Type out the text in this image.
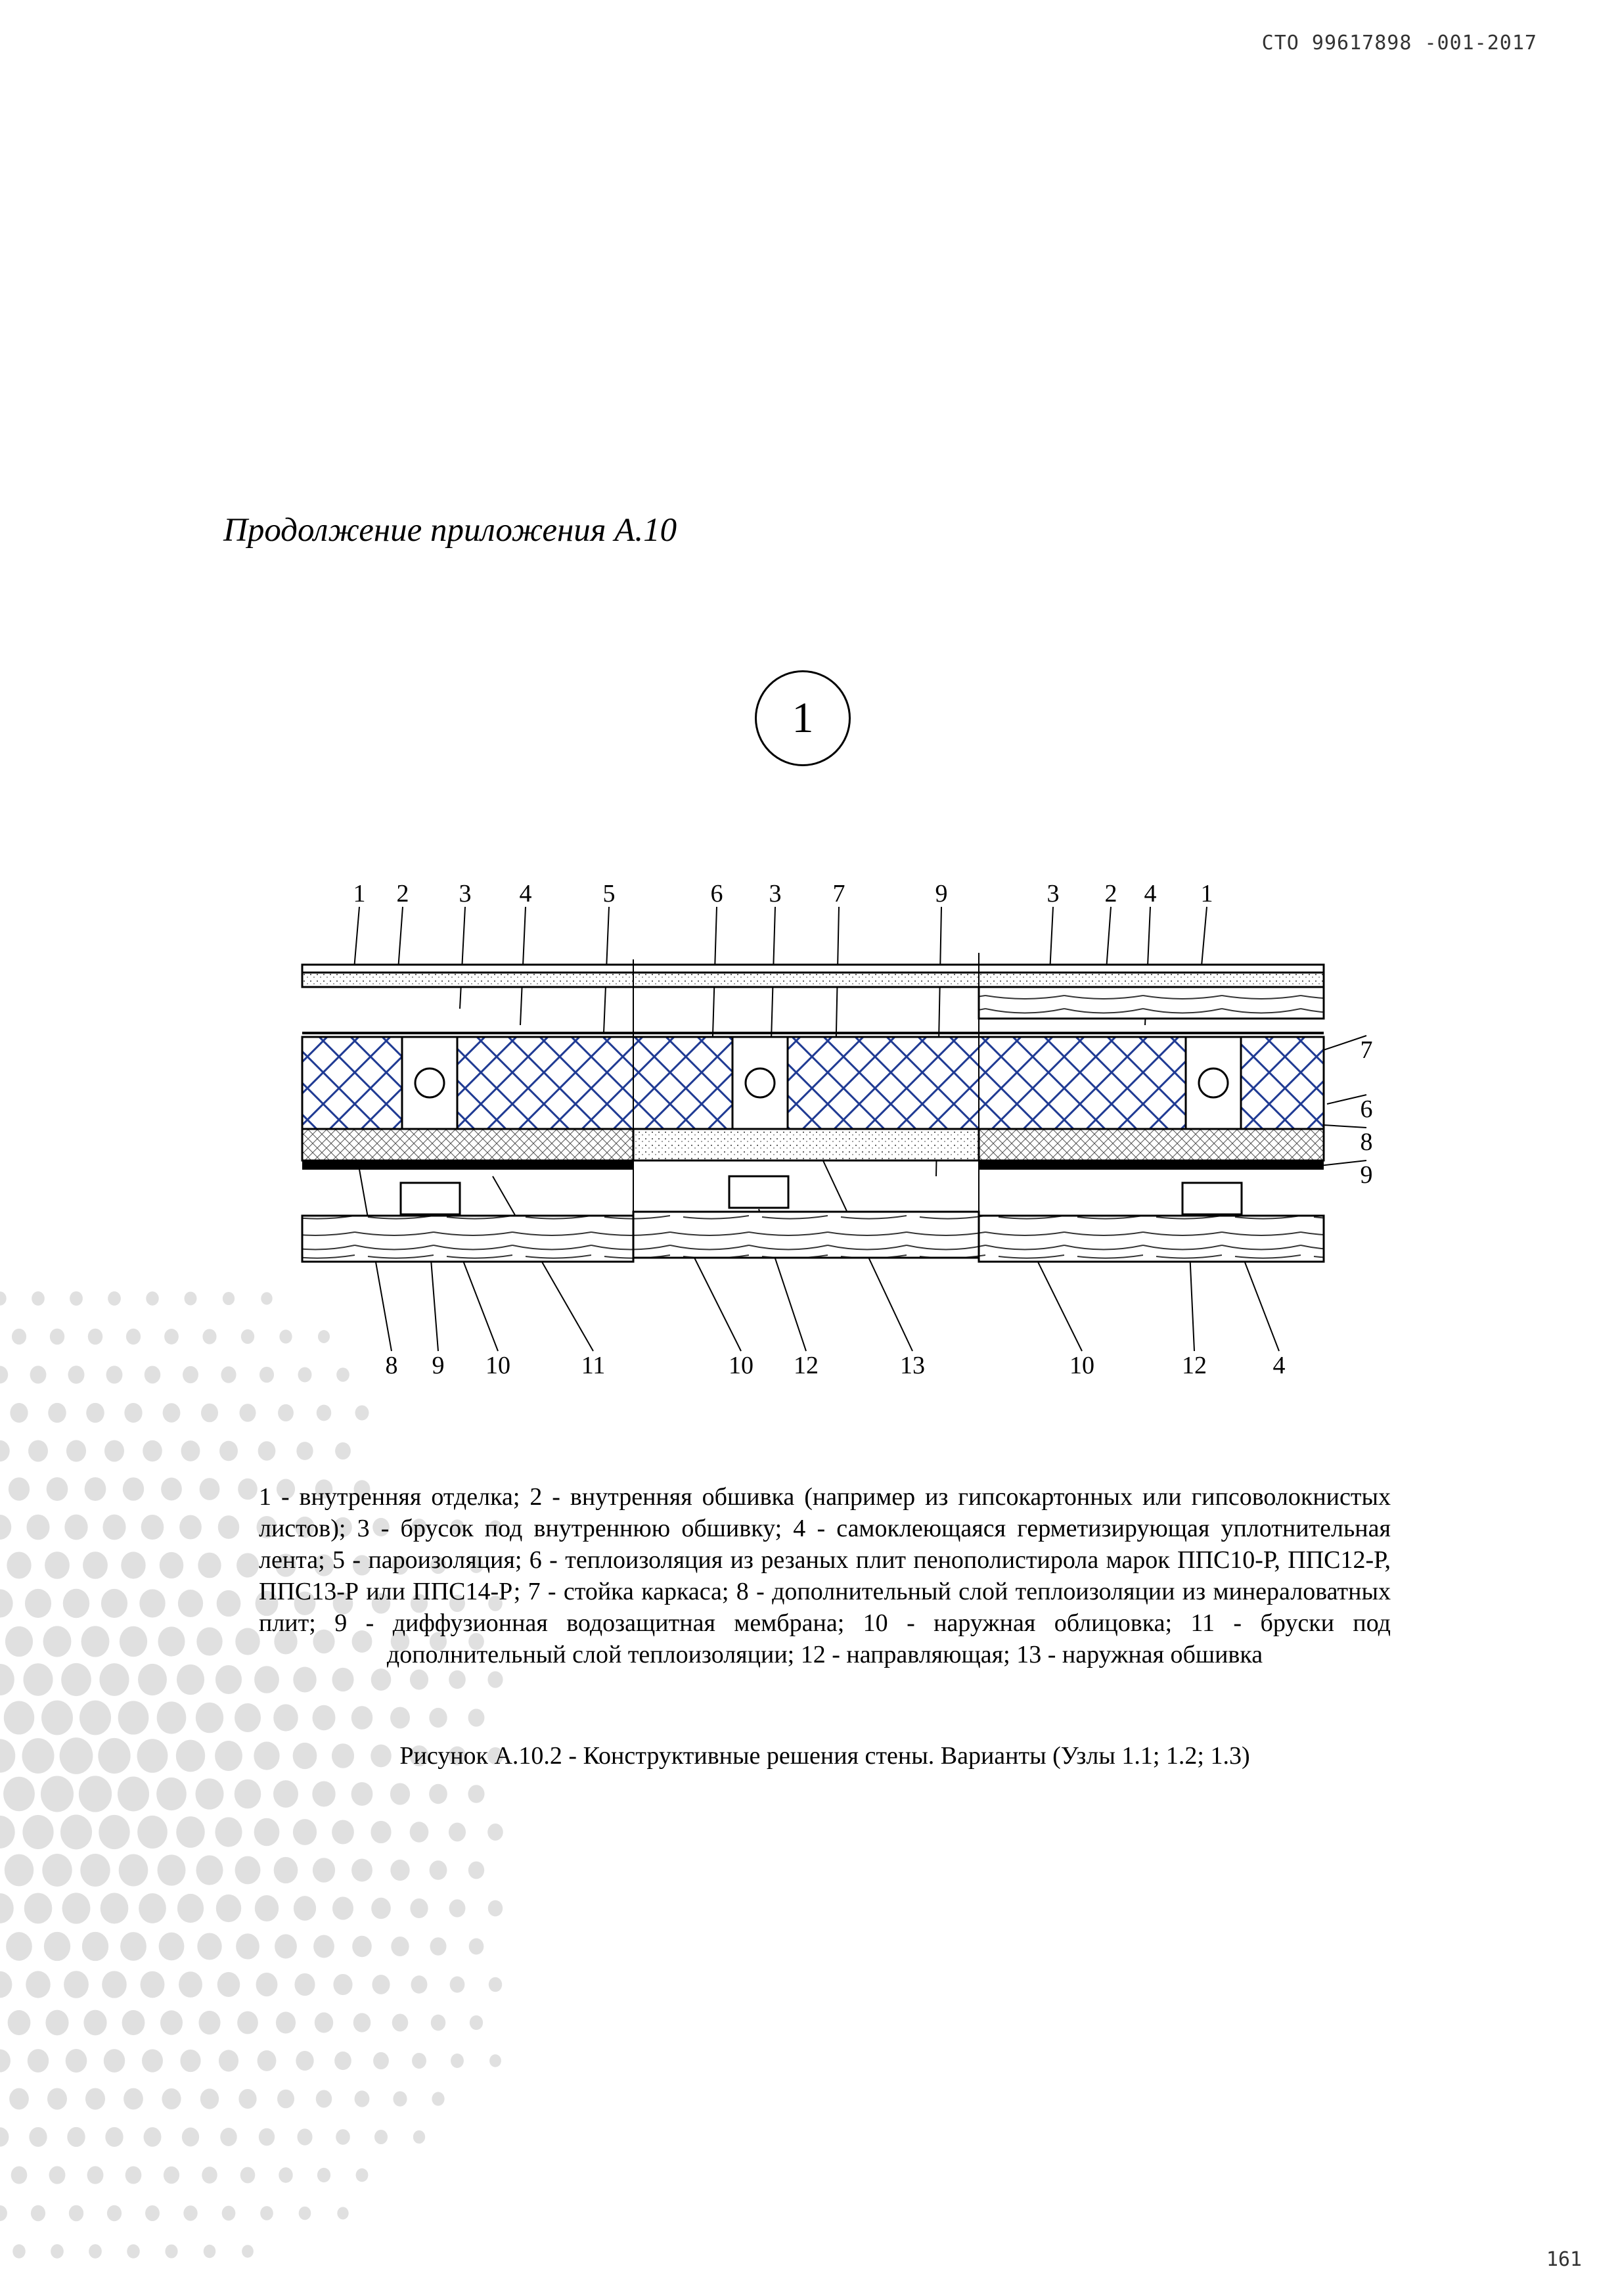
СТО 99617898 -001-2017
Продолжение приложения А.10
1
1 2 3 4	5	6 3 7	9	3 2 4 1
7
6
8
9
8 9 10	11	10 12	13	10	12	4
1 - внутренняя отделка; 2 - внутренняя обшивка (например из гипсокартонных или гипсоволокнистых листов); 3 - брусок под внутреннюю обшивку; 4 - самоклеющаяся герметизирующая уплотнительная лента; 5 - пароизоляция; 6 - теплоизоляция из резаных плит пенополистирола марок ППС10-Р, ППС12-Р, ППС13-Р или ППС14-Р; 7 - стойка каркаса; 8 - дополнительный слой теплоизоляции из минераловатных плит; 9 - диффузионная водозащитная мембрана; 10 - наружная облицовка; 11 - бруски под дополнительный слой теплоизоляции; 12 - направляющая; 13 - наружная обшивка
Рисунок А.10.2 - Конструктивные решения стены. Варианты (Узлы 1.1; 1.2; 1.3)
161
